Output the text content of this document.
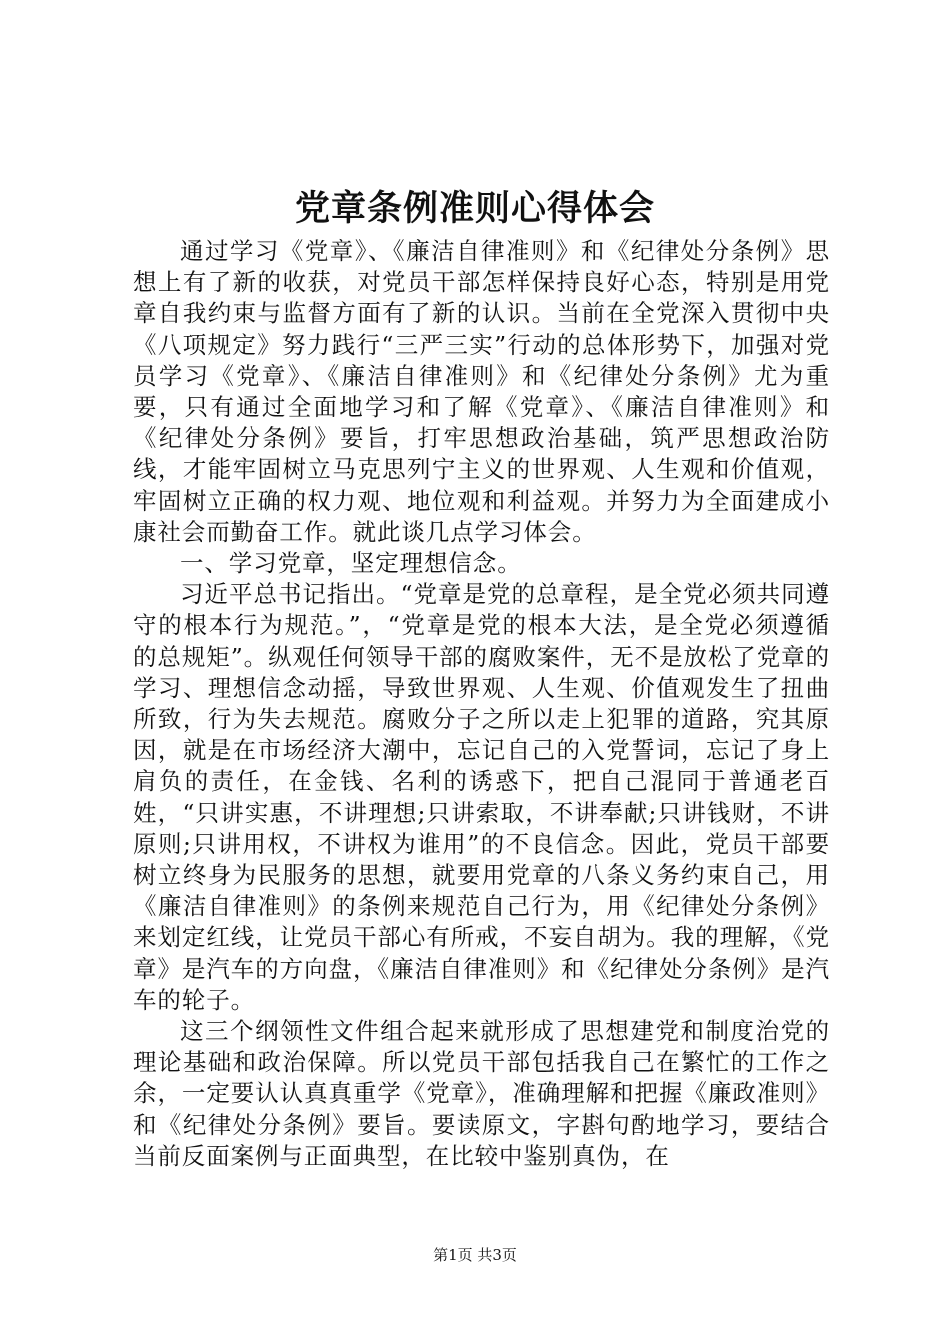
党章条例准则心得体会

通过学习《党章》、《廉洁自律准则》和《纪律处分条例》思想上有了新的收获，对党员干部怎样保持良好心态，特别是用党章自我约束与监督方面有了新的认识。当前在全党深入贯彻中央《八项规定》努力践行“三严三实”行动的总体形势下，加强对党员学习《党章》、《廉洁自律准则》和《纪律处分条例》尤为重要，只有通过全面地学习和了解《党章》、《廉洁自律准则》和《纪律处分条例》要旨，打牢思想政治基础，筑严思想政治防线，才能牢固树立马克思列宁主义的世界观、人生观和价值观，牢固树立正确的权力观、地位观和利益观。并努力为全面建成小康社会而勤奋工作。就此谈几点学习体会。

一、学习党章，坚定理想信念。

习近平总书记指出。“党章是党的总章程，是全党必须共同遵守的根本行为规范。”，“党章是党的根本大法，是全党必须遵循的总规矩”。纵观任何领导干部的腐败案件，无不是放松了党章的学习、理想信念动摇，导致世界观、人生观、价值观发生了扭曲所致，行为失去规范。腐败分子之所以走上犯罪的道路，究其原因，就是在市场经济大潮中，忘记自己的入党誓词，忘记了身上肩负的责任，在金钱、名利的诱惑下，把自己混同于普通老百姓，“只讲实惠，不讲理想;只讲索取，不讲奉献;只讲钱财，不讲原则;只讲用权，不讲权为谁用”的不良信念。因此，党员干部要树立终身为民服务的思想，就要用党章的八条义务约束自己，用《廉洁自律准则》的条例来规范自己行为，用《纪律处分条例》来划定红线，让党员干部心有所戒，不妄自胡为。我的理解，《党章》是汽车的方向盘，《廉洁自律准则》和《纪律处分条例》是汽车的轮子。

这三个纲领性文件组合起来就形成了思想建党和制度治党的理论基础和政治保障。所以党员干部包括我自己在繁忙的工作之余，一定要认认真真重学《党章》，准确理解和把握《廉政准则》和《纪律处分条例》要旨。要读原文，字斟句酌地学习，要结合当前反面案例与正面典型，在比较中鉴别真伪，在

第1页 共3页
